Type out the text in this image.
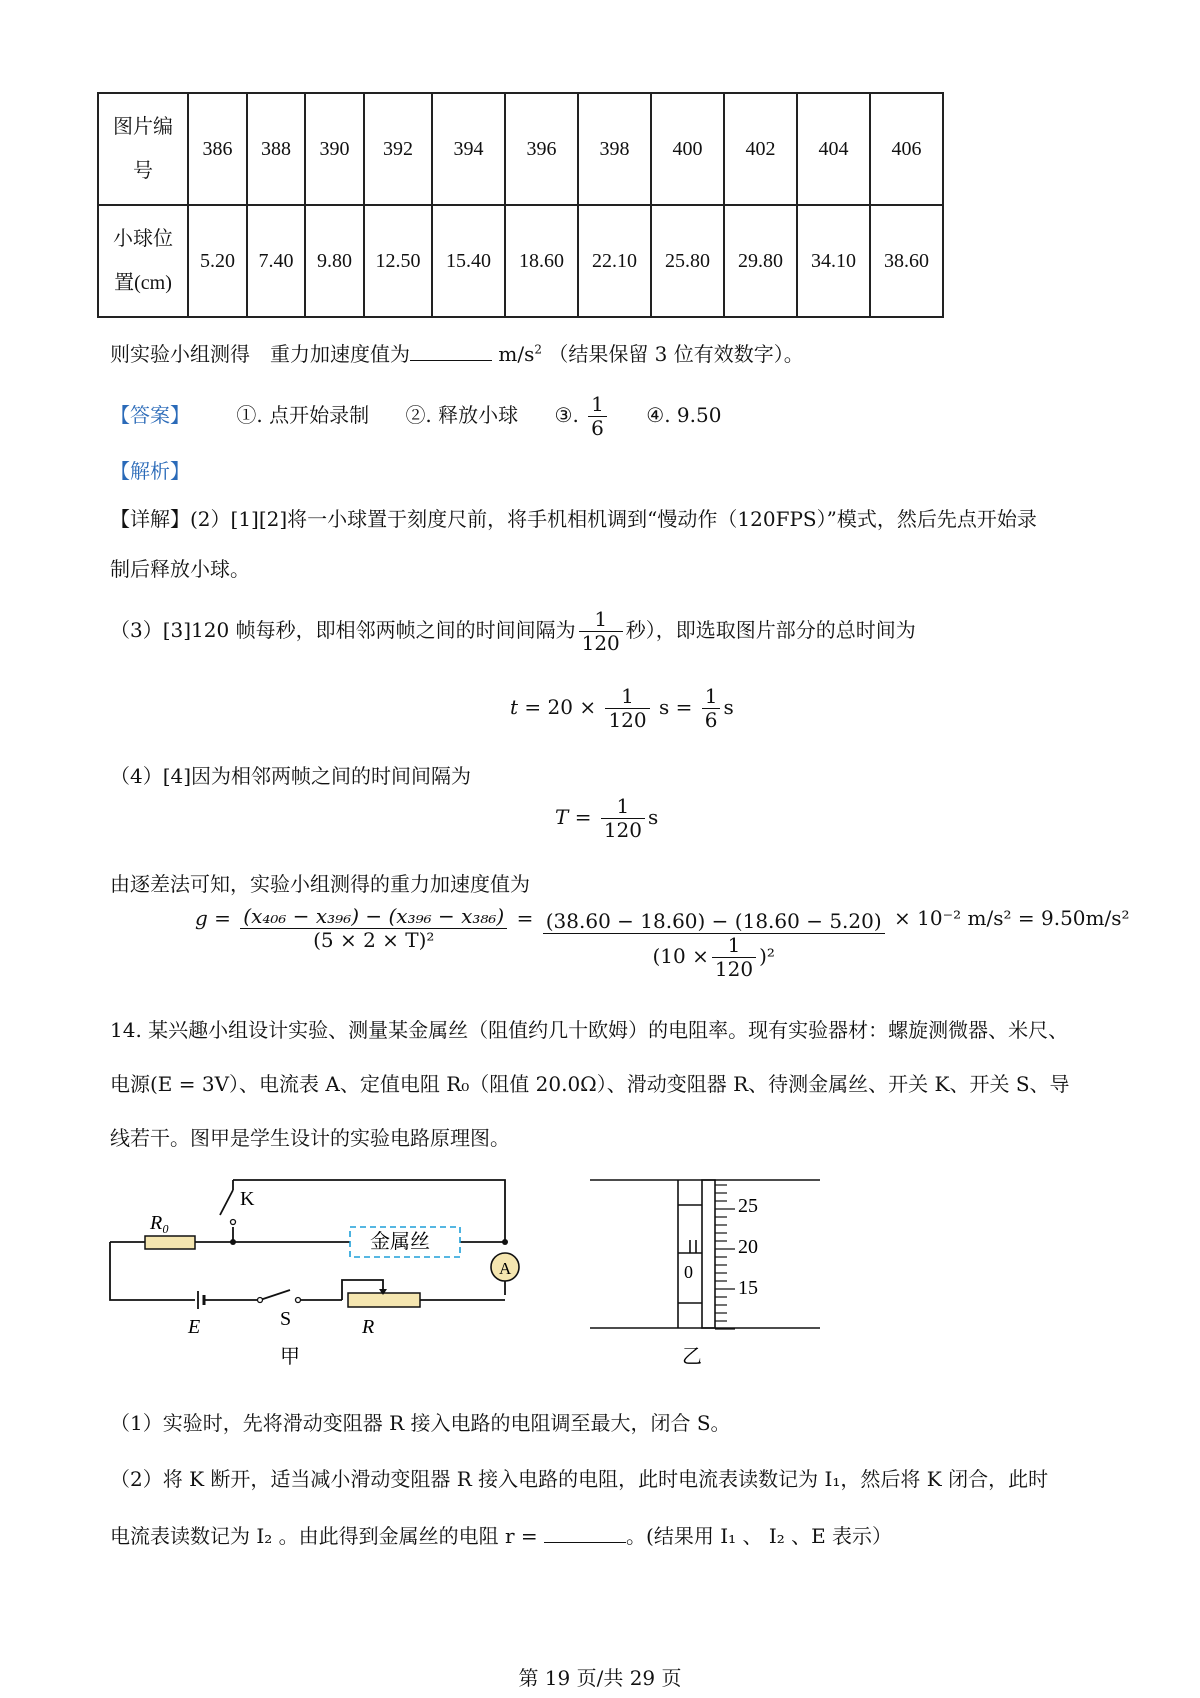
图片编
号	386	388	390	392	394	396	398	400	402	404	406

小球位
置(cm)	5.20	7.40	9.80	12.50	15.40	18.60	22.10	25.80	29.80	34.10	38.60
则实验小组测得　重力加速度值为	$m/s^2$ （结果保留 3 位有效数字）。
【答案】 ①. 点开始录制 ②. 释放小球 ③. $\frac{1}{6}$ ④. 9.50
【解析】
【详解】(2）[1][2]将一小球置于刻度尺前，将手机相机调到“慢动作（120FPS）”模式，然后先点开始录
制后释放小球。
（3）[3]120 帧每秒，即相邻两帧之间的时间间隔为 $\frac{1}{120}$ 秒），即选取图片部分的总时间为
$t = 20 \times \frac{1}{120}$ $s = \frac{1}{6}$ s
（4）[4]因为相邻两帧之间的时间间隔为
$T = \frac{1}{120}$ s
由逐差法可知，实验小组测得的重力加速度值为
$g = \frac{\text{(x₄₀₆ − x₃₉₆) − (x₃₉₆ − x₃₈₆)}}{\text{(5 × 2 × T)²}} = \frac{(38.60 - 18.60) - (18.60 - 5.20)}{(10 \times \frac{1}{120} )^2} \times 10^{-2}$ m/s² = 9.50m/s²
14. 某兴趣小组设计实验、测量某金属丝（阻值约几十欧姆）的电阻率。现有实验器材：螺旋测微器、米尺、
电源(E = 3V）、电流表 A、定值电阻 R₀（阻值 20.0Ω）、滑动变阻器 R、待测金属丝、开关 K、开关 S、导
线若干。图甲是学生设计的实验电路原理图。
K
R₀
金属丝
A
E	S	R
甲
25
20
15
0
乙
（1）实验时，先将滑动变阻器 R 接入电路的电阻调至最大，闭合 S。
（2）将 K 断开，适当减小滑动变阻器 R 接入电路的电阻，此时电流表读数记为 I₁，然后将 K 闭合，此时
电流表读数记为 I₂ 。由此得到金属丝的电阻 r =	。(结果用 I₁ 、 I₂ 、E 表示）
第 19 页/共 29 页
